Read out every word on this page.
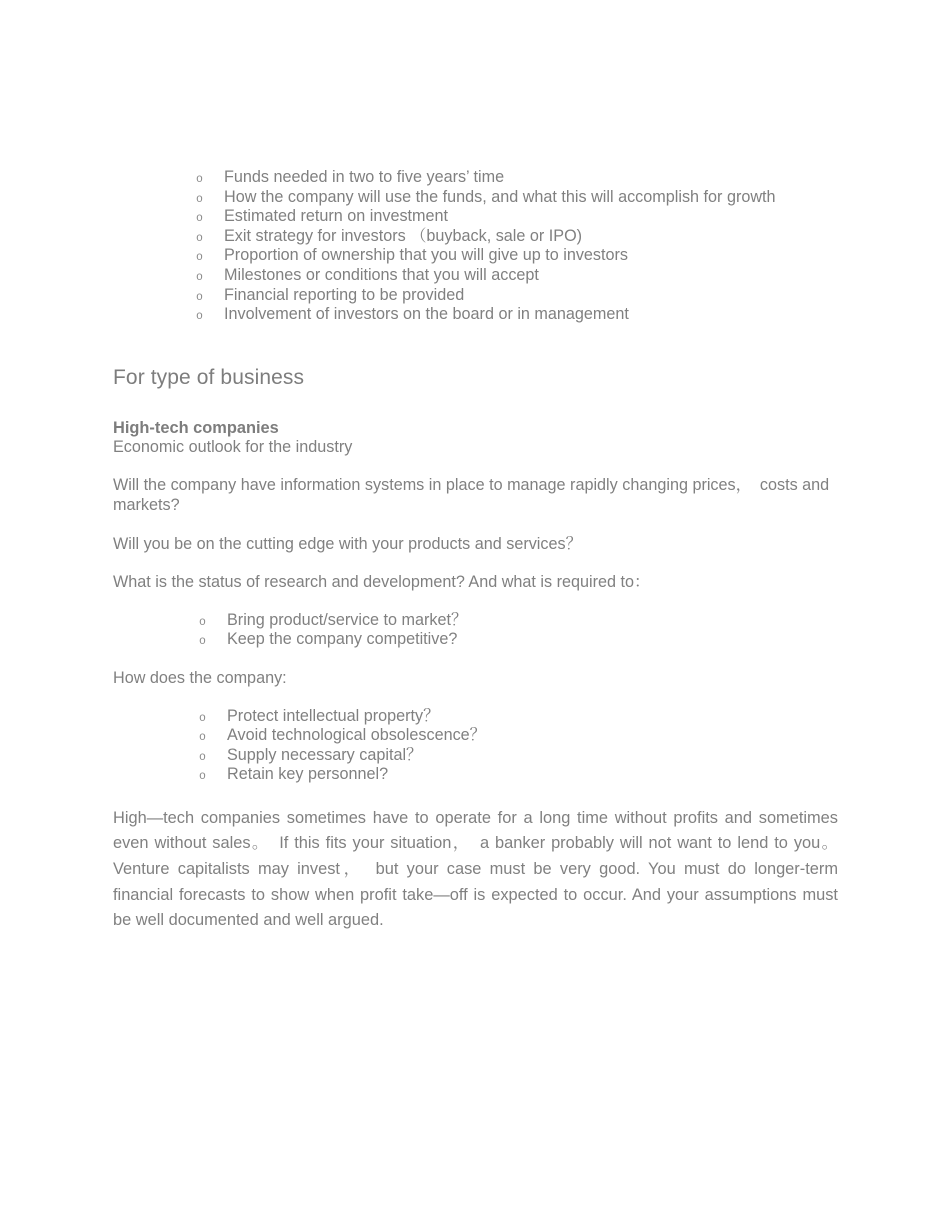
o Funds needed in two to five years’ time
o How the company will use the funds, and what this will accomplish for growth
o Estimated return on investment
o Exit strategy for investors （buyback, sale or IPO)
o Proportion of ownership that you will give up to investors
o Milestones or conditions that you will accept
o Financial reporting to be provided
o Involvement of investors on the board or in management
For type of business
High-tech companies

Economic outlook for the industry

Will the company have information systems in place to manage rapidly changing prices，　costs and markets?

Will you be on the cutting edge with your products and services？

What is the status of research and development? And what is required to：

o Bring product/service to market？
o Keep the company competitive?

How does the company:

o Protect intellectual property？
o Avoid technological obsolescence？
o Supply necessary capital？
o Retain key personnel?

High—tech companies sometimes have to operate for a long time without profits and sometimes even without sales。　If this fits your situation，　a banker probably will not want to lend to you。Venture capitalists may invest，　but your case must be very good. You must do longer-term financial forecasts to show when profit take—off is expected to occur. And your assumptions must be well documented and well argued.
